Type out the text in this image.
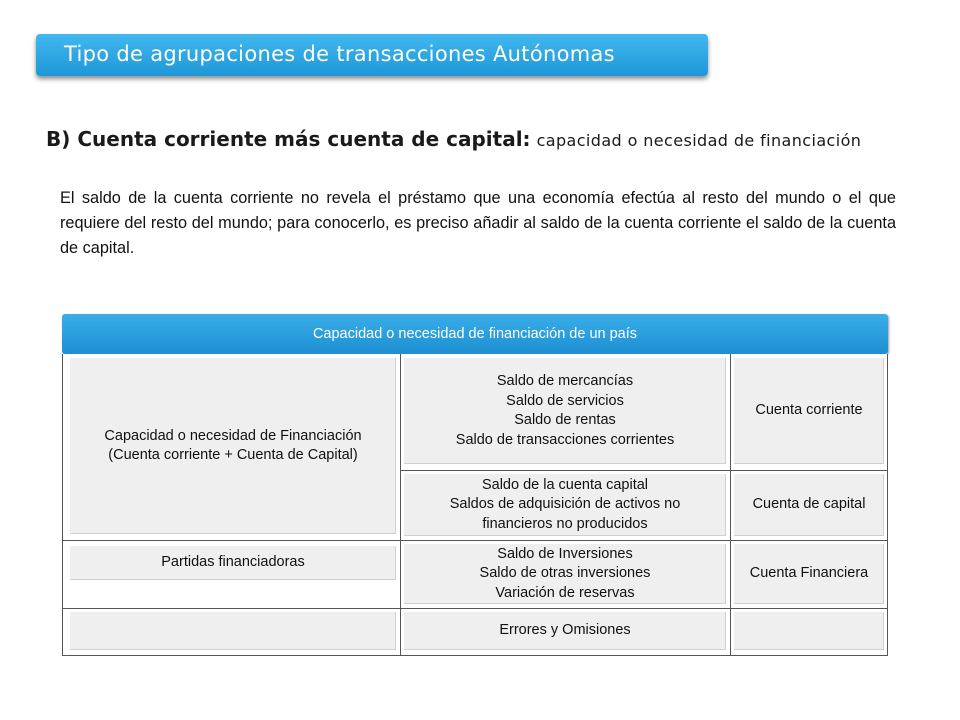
Tipo de agrupaciones de transacciones Autónomas
B) Cuenta corriente más cuenta de capital: capacidad o necesidad de financiación
El saldo de la cuenta corriente no revela el préstamo que una economía efectúa al resto del mundo o el que requiere del resto del mundo; para conocerlo, es preciso añadir al saldo de la cuenta corriente el saldo de la cuenta de capital.
Capacidad o necesidad de financiación de un país
Capacidad o necesidad de Financiación
(Cuenta corriente + Cuenta de Capital)
Saldo de mercancías
Saldo de servicios
Saldo de rentas
Saldo de transacciones corrientes
Cuenta corriente
Saldo de la cuenta capital
Saldos de adquisición de activos no
financieros no producidos
Cuenta de capital
Partidas financiadoras
Saldo de Inversiones
Saldo de otras inversiones
Variación de reservas
Cuenta Financiera
Errores y Omisiones
